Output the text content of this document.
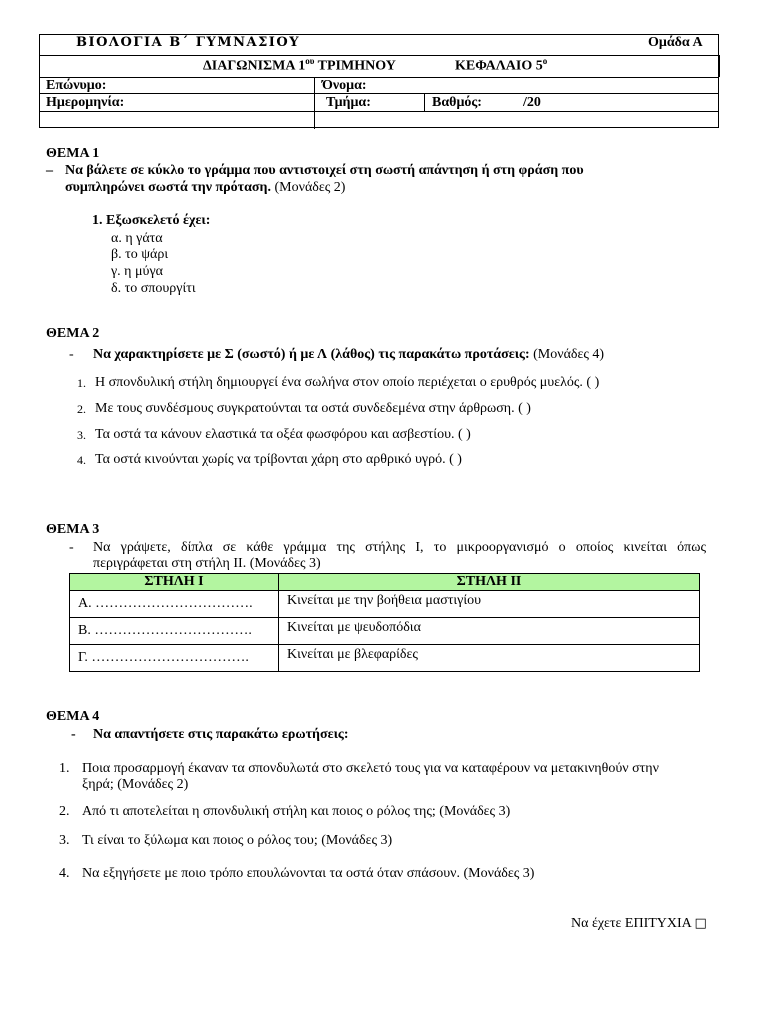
ΒΙΟΛΟΓΙΑ Β΄ ΓΥΜΝΑΣΙΟΥ	Ομάδα Α
ΔΙΑΓΩΝΙΣΜΑ $1^{o\upsilon}$ ΤΡΙΜΗΝΟΥ	ΚΕΦΑΛΑΙΟ $5^o$
Επώνυμο:	Όνομα:
Ημερομηνία:	Τμήμα:	Βαθμός:	/20
ΘΕΜΑ 1
– Να βάλετε σε κύκλο το γράμμα που αντιστοιχεί στη σωστή απάντηση ή στη φράση που
συμπληρώνει σωστά την πρόταση. (Μονάδες 2)
1. Εξωσκελετό έχει:
α. η γάτα
β. το ψάρι
γ. η μύγα
δ. το σπουργίτι
ΘΕΜΑ 2
- Να χαρακτηρίσετε με Σ (σωστό) ή με Λ (λάθος) τις παρακάτω προτάσεις: (Μονάδες 4)
1. Η σπονδυλική στήλη δημιουργεί ένα σωλήνα στον οποίο περιέχεται ο ερυθρός μυελός. ( )
2. Με τους συνδέσμους συγκρατούνται τα οστά συνδεδεμένα στην άρθρωση. ( )
3. Τα οστά τα κάνουν ελαστικά τα οξέα φωσφόρου και ασβεστίου. ( )
4. Τα οστά κινούνται χωρίς να τρίβονται χάρη στο αρθρικό υγρό. ( )
ΘΕΜΑ 3
- Να γράψετε, δίπλα σε κάθε γράμμα της στήλης Ι, το μικροοργανισμό ο οποίος κινείται όπως
περιγράφεται στη στήλη ΙΙ. (Μονάδες 3)
ΣΤΗΛΗ Ι	ΣΤΗΛΗ ΙΙ
Α. …………………………….	Κινείται με την βοήθεια μαστιγίου
Β. …………………………….	Κινείται με ψευδοπόδια
Γ. …………………………….	Κινείται με βλεφαρίδες
ΘΕΜΑ 4
- Να απαντήσετε στις παρακάτω ερωτήσεις:
1. Ποια προσαρμογή έκαναν τα σπονδυλωτά στο σκελετό τους για να καταφέρουν να μετακινηθούν στην
ξηρά; (Μονάδες 2)
2. Από τι αποτελείται η σπονδυλική στήλη και ποιος ο ρόλος της; (Μονάδες 3)
3. Τι είναι το ξύλωμα και ποιος ο ρόλος του; (Μονάδες 3)
4. Να εξηγήσετε με ποιο τρόπο επουλώνονται τα οστά όταν σπάσουν. (Μονάδες 3)
Να έχετε ΕΠΙΤΥΧΙΑ □
